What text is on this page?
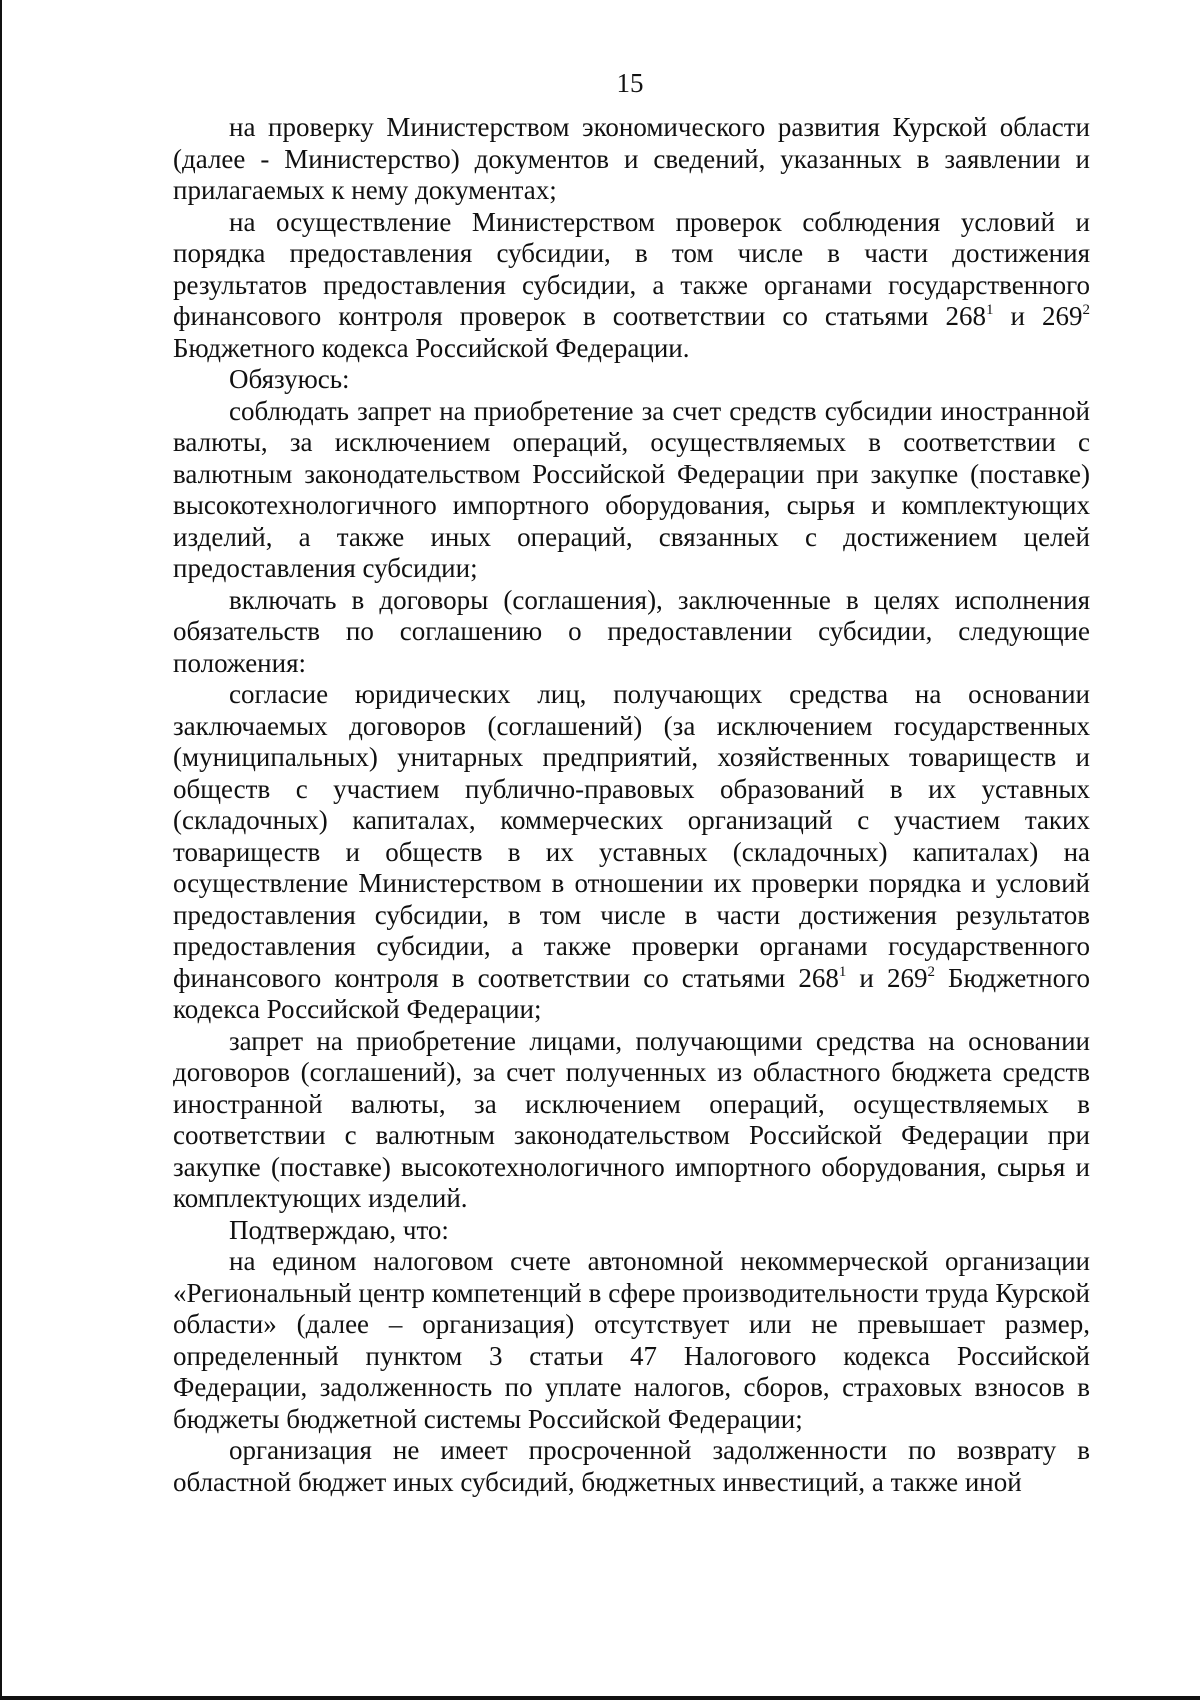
15

на проверку Министерством экономического развития Курской области (далее - Министерство) документов и сведений, указанных в заявлении и прилагаемых к нему документах;

на осуществление Министерством проверок соблюдения условий и порядка предоставления субсидии, в том числе в части достижения результатов предоставления субсидии, а также органами государственного финансового контроля проверок в соответствии со статьями $268^1$ и $269^2$ Бюджетного кодекса Российской Федерации.

Обязуюсь:

соблюдать запрет на приобретение за счет средств субсидии иностранной валюты, за исключением операций, осуществляемых в соответствии с валютным законодательством Российской Федерации при закупке (поставке) высокотехнологичного импортного оборудования, сырья и комплектующих изделий, а также иных операций, связанных с достижением целей предоставления субсидии;

включать в договоры (соглашения), заключенные в целях исполнения обязательств по соглашению о предоставлении субсидии, следующие положения:

согласие юридических лиц, получающих средства на основании заключаемых договоров (соглашений) (за исключением государственных (муниципальных) унитарных предприятий, хозяйственных товариществ и обществ с участием публично-правовых образований в их уставных (складочных) капиталах, коммерческих организаций с участием таких товариществ и обществ в их уставных (складочных) капиталах) на осуществление Министерством в отношении их проверки порядка и условий предоставления субсидии, в том числе в части достижения результатов предоставления субсидии, а также проверки органами государственного финансового контроля в соответствии со статьями $268^1$ и $269^2$ Бюджетного кодекса Российской Федерации;

запрет на приобретение лицами, получающими средства на основании договоров (соглашений), за счет полученных из областного бюджета средств иностранной валюты, за исключением операций, осуществляемых в соответствии с валютным законодательством Российской Федерации при закупке (поставке) высокотехнологичного импортного оборудования, сырья и комплектующих изделий.

Подтверждаю, что:

на едином налоговом счете автономной некоммерческой организации «Региональный центр компетенций в сфере производительности труда Курской области» (далее – организация) отсутствует или не превышает размер, определенный пунктом 3 статьи 47 Налогового кодекса Российской Федерации, задолженность по уплате налогов, сборов, страховых взносов в бюджеты бюджетной системы Российской Федерации;

организация не имеет просроченной задолженности по возврату в областной бюджет иных субсидий, бюджетных инвестиций, а также иной
